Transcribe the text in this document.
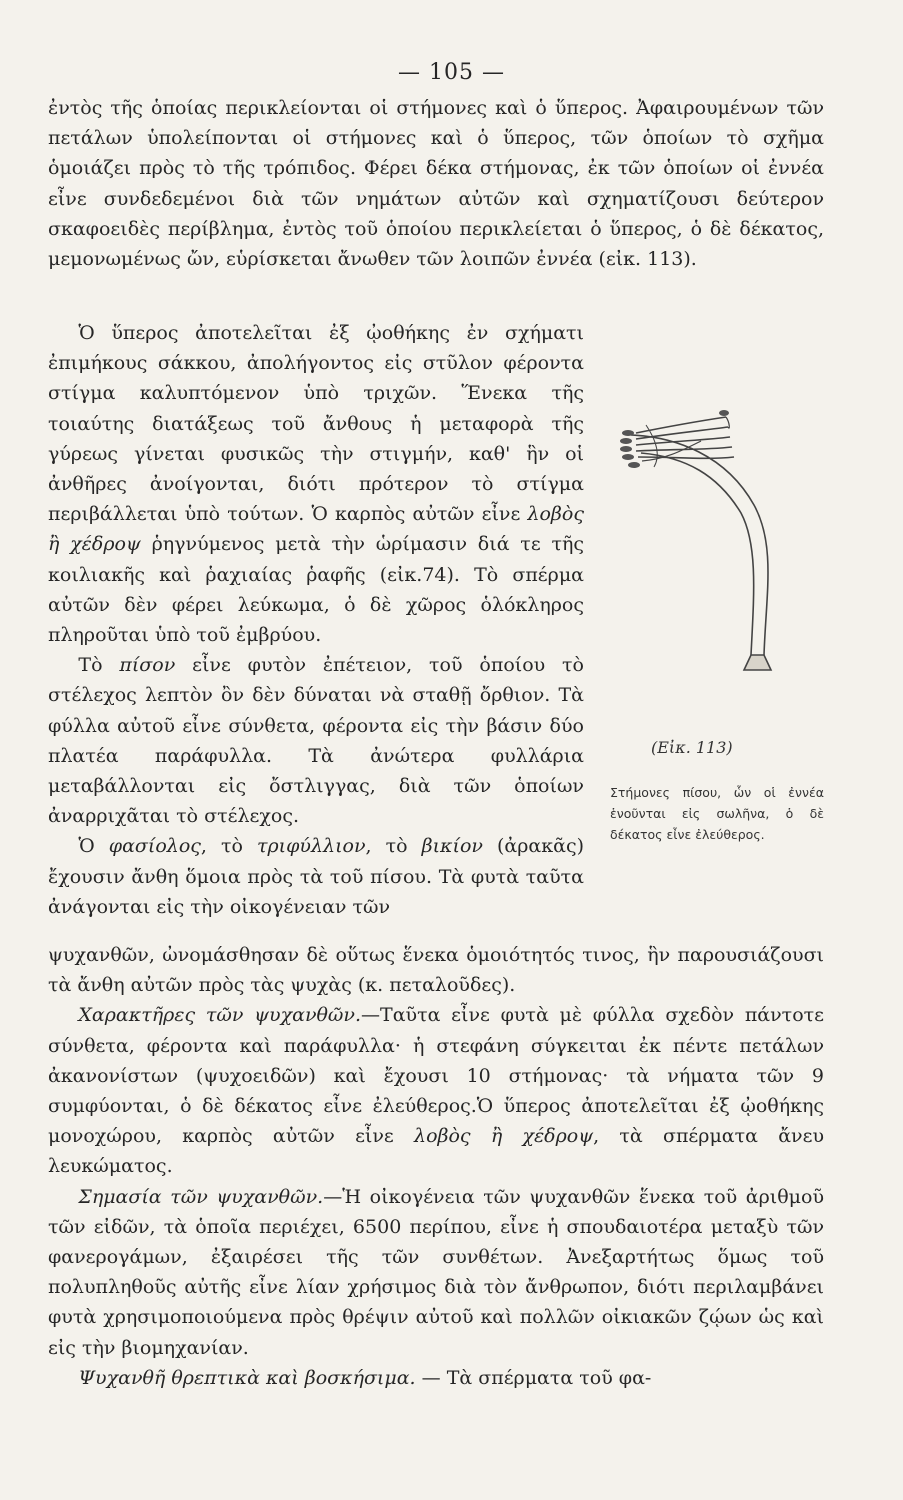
— 105 —

ἐντὸς τῆς ὁποίας περικλείονται οἱ στήμονες καὶ ὁ ὕπερος. Ἀφαιρουμένων τῶν πετάλων ὑπολείπονται οἱ στήμονες καὶ ὁ ὕπερος, τῶν ὁποίων τὸ σχῆμα ὁμοιάζει πρὸς τὸ τῆς τρόπιδος. Φέρει δέκα στήμονας, ἐκ τῶν ὁποίων οἱ ἐννέα εἶνε συνδεδεμένοι διὰ τῶν νημάτων αὐτῶν καὶ σχηματίζουσι δεύτερον σκαφοειδὲς περίβλημα, ἐντὸς τοῦ ὁποίου περικλείεται ὁ ὕπερος, ὁ δὲ δέκατος, μεμονωμένως ὤν, εὑρίσκεται ἄνωθεν τῶν λοιπῶν ἐννέα (εἰκ. 113).

Ὁ ὕπερος ἀποτελεῖται ἐξ ᾠοθήκης ἐν σχήματι ἐπιμήκους σάκκου, ἀπολήγοντος εἰς στῦλον φέροντα στίγμα καλυπτόμενον ὑπὸ τριχῶν. Ἕνεκα τῆς τοιαύτης διατάξεως τοῦ ἄνθους ἡ μεταφορὰ τῆς γύρεως γίνεται φυσικῶς τὴν στιγμήν, καθ' ἣν οἱ ἀνθῆρες ἀνοίγονται, διότι πρότερον τὸ στίγμα περιβάλλεται ὑπὸ τούτων. Ὁ καρπὸς αὐτῶν εἶνε λοβὸς ἢ χέδροψ ῥηγνύμενος μετὰ τὴν ὡρίμασιν διά τε τῆς κοιλιακῆς καὶ ῥαχιαίας ῥαφῆς (εἰκ.74). Τὸ σπέρμα αὐτῶν δὲν φέρει λεύκωμα, ὁ δὲ χῶρος ὁλόκληρος πληροῦται ὑπὸ τοῦ ἐμβρύου.

Τὸ πίσον εἶνε φυτὸν ἐπέτειον, τοῦ ὁποίου τὸ στέλεχος λεπτὸν ὂν δὲν δύναται νὰ σταθῇ ὄρθιον. Τὰ φύλλα αὐτοῦ εἶνε σύνθετα, φέροντα εἰς τὴν βάσιν δύο πλατέα παράφυλλα. Τὰ ἀνώτερα φυλλάρια μεταβάλλονται εἰς ὄστλιγγας, διὰ τῶν ὁποίων ἀναρριχᾶται τὸ στέλεχος.

Ὁ φασίολος, τὸ τριφύλλιον, τὸ βικίον (ἀρακᾶς) ἔχουσιν ἄνθη ὅμοια πρὸς τὰ τοῦ πίσου. Τὰ φυτὰ ταῦτα ἀνάγονται εἰς τὴν οἰκογένειαν τῶν

(Εἰκ. 113)
Στήμονες πίσου, ὧν οἱ ἐννέα ἑνοῦνται εἰς σωλῆνα, ὁ δὲ δέκατος εἶνε ἐλεύθερος.

ψυχανθῶν, ὠνομάσθησαν δὲ οὕτως ἕνεκα ὁμοιότητός τινος, ἣν παρουσιάζουσι τὰ ἄνθη αὐτῶν πρὸς τὰς ψυχὰς (κ. πεταλοῦδες).

Χαρακτῆρες τῶν ψυχανθῶν.—Ταῦτα εἶνε φυτὰ μὲ φύλλα σχεδὸν πάντοτε σύνθετα, φέροντα καὶ παράφυλλα· ἡ στεφάνη σύγκειται ἐκ πέντε πετάλων ἀκανονίστων (ψυχοειδῶν) καὶ ἔχουσι 10 στήμονας· τὰ νήματα τῶν 9 συμφύονται, ὁ δὲ δέκατος εἶνε ἐλεύθερος.Ὁ ὕπερος ἀποτελεῖται ἐξ ᾠοθήκης μονοχώρου, καρπὸς αὐτῶν εἶνε λοβὸς ἢ χέδροψ, τὰ σπέρματα ἄνευ λευκώματος.

Σημασία τῶν ψυχανθῶν.—Ἡ οἰκογένεια τῶν ψυχανθῶν ἕνεκα τοῦ ἀριθμοῦ τῶν εἰδῶν, τὰ ὁποῖα περιέχει, 6500 περίπου, εἶνε ἡ σπουδαιοτέρα μεταξὺ τῶν φανερογάμων, ἐξαιρέσει τῆς τῶν συνθέτων. Ἀνεξαρτήτως ὅμως τοῦ πολυπληθοῦς αὐτῆς εἶνε λίαν χρήσιμος διὰ τὸν ἄνθρωπον, διότι περιλαμβάνει φυτὰ χρησιμοποιούμενα πρὸς θρέψιν αὐτοῦ καὶ πολλῶν οἰκιακῶν ζῴων ὡς καὶ εἰς τὴν βιομηχανίαν.

Ψυχανθῆ θρεπτικὰ καὶ βοσκήσιμα. — Τὰ σπέρματα τοῦ φα-
